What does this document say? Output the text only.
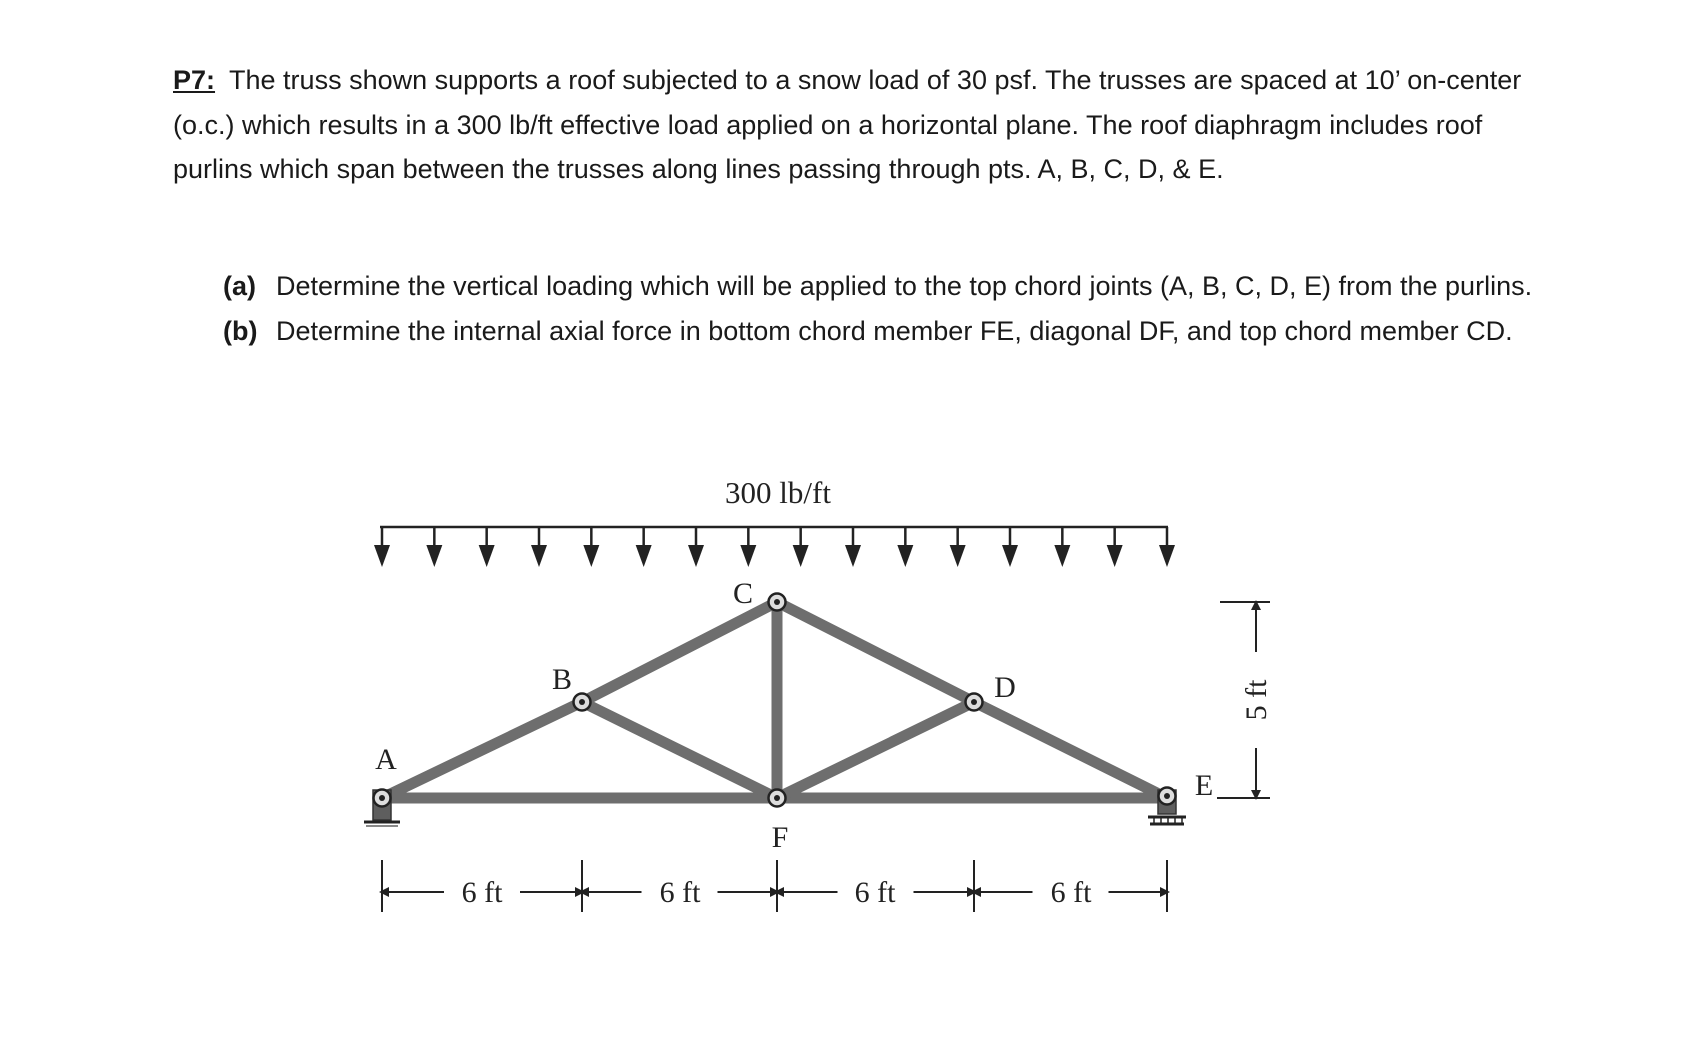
P7: The truss shown supports a roof subjected to a snow load of 30 psf. The trusses are spaced at 10’ on-center (o.c.) which results in a 300 lb/ft effective load applied on a horizontal plane. The roof diaphragm includes roof purlins which span between the trusses along lines passing through pts. A, B, C, D, & E.
(a) Determine the vertical loading which will be applied to the top chord joints (A, B, C, D, E) from the purlins.
(b) Determine the internal axial force in bottom chord member FE, diagonal DF, and top chord member CD.
300 lb/ft
A
B
C
D
E
F
6 ft	6 ft	6 ft	6 ft
5 ft
